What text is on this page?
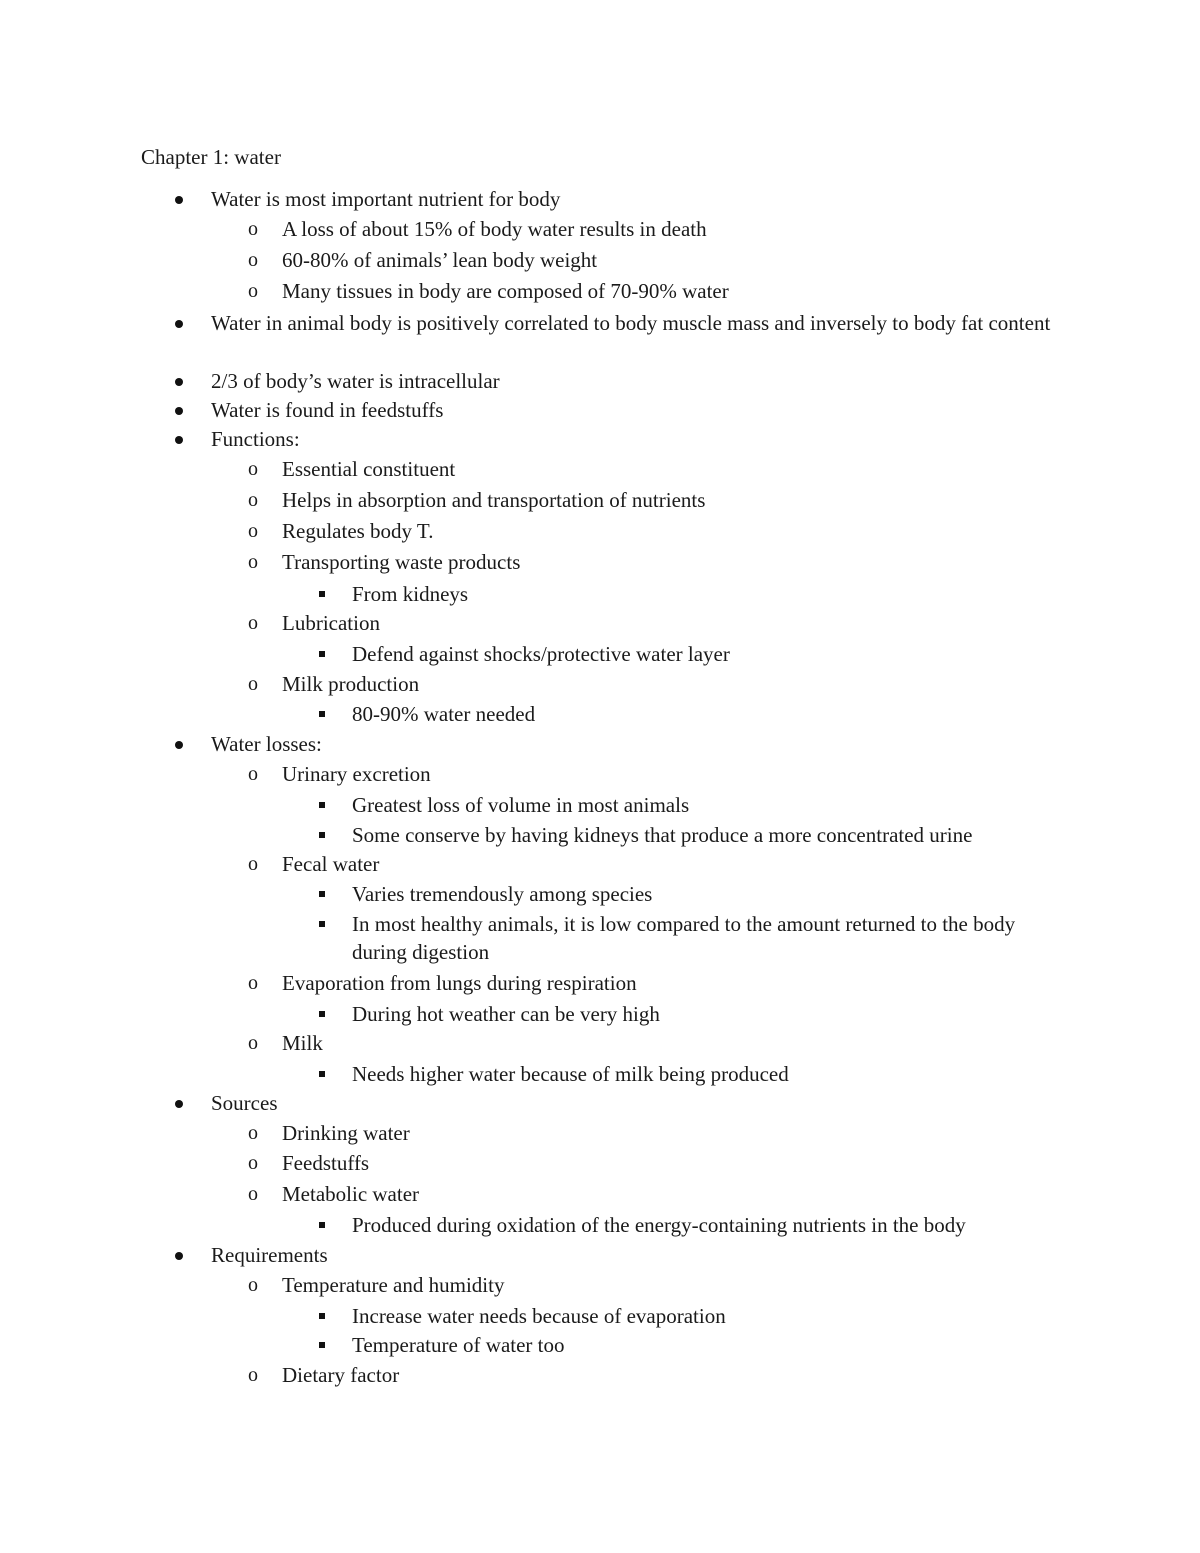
Chapter 1: water
Water is most important nutrient for body
o A loss of about 15% of body water results in death
o 60-80% of animals’ lean body weight
o Many tissues in body are composed of 70-90% water
Water in animal body is positively correlated to body muscle mass and inversely to body fat content
2/3 of body’s water is intracellular
Water is found in feedstuffs
Functions:
o Essential constituent
o Helps in absorption and transportation of nutrients
o Regulates body T.
o Transporting waste products
From kidneys
o Lubrication
Defend against shocks/protective water layer
o Milk production
80-90% water needed
Water losses:
o Urinary excretion
Greatest loss of volume in most animals
Some conserve by having kidneys that produce a more concentrated urine
o Fecal water
Varies tremendously among species
In most healthy animals, it is low compared to the amount returned to the body during digestion
o Evaporation from lungs during respiration
During hot weather can be very high
o Milk
Needs higher water because of milk being produced
Sources
o Drinking water
o Feedstuffs
o Metabolic water
Produced during oxidation of the energy-containing nutrients in the body
Requirements
o Temperature and humidity
Increase water needs because of evaporation
Temperature of water too
o Dietary factor
